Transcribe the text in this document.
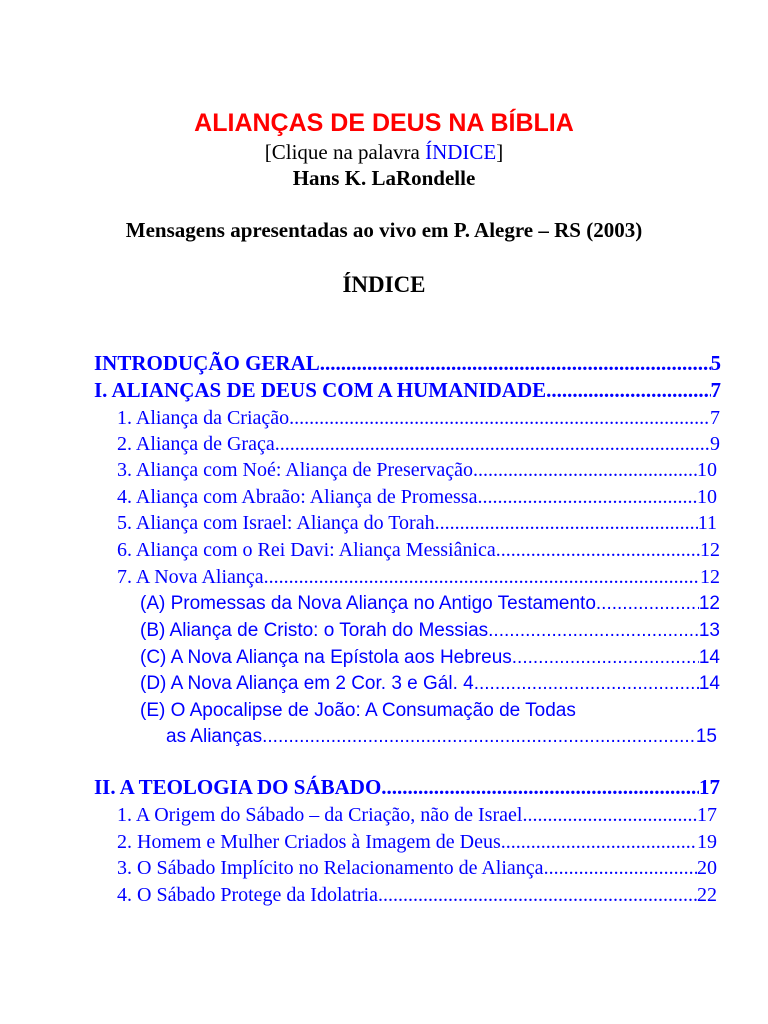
ALIANÇAS DE DEUS NA BÍBLIA
[Clique na palavra ÍNDICE]
Hans K. LaRondelle
Mensagens apresentadas ao vivo em P. Alegre – RS (2003)
ÍNDICE
INTRODUÇÃO GERAL .....	5
I. ALIANÇAS DE DEUS COM A HUMANIDADE .....	7
1. Aliança da Criação .....	7
2. Aliança de Graça .....	9
3. Aliança com Noé: Aliança de Preservação .....	10
4. Aliança com Abraão: Aliança de Promessa .....	10
5. Aliança com Israel: Aliança do Torah .....	11
6. Aliança com o Rei Davi: Aliança Messiânica .....	12
7. A Nova Aliança .....	12
(A) Promessas da Nova Aliança no Antigo Testamento .....	12
(B) Aliança de Cristo: o Torah do Messias .....	13
(C) A Nova Aliança na Epístola aos Hebreus .....	14
(D) A Nova Aliança em 2 Cor. 3 e Gál. 4 .....	14
(E) O Apocalipse de João: A Consumação de Todas
as Alianças .....	15
II. A TEOLOGIA DO SÁBADO .....	17
1. A Origem do Sábado – da Criação, não de Israel .....	17
2. Homem e Mulher Criados à Imagem de Deus .....	19
3. O Sábado Implícito no Relacionamento de Aliança .....	20
4. O Sábado Protege da Idolatria .....	22
